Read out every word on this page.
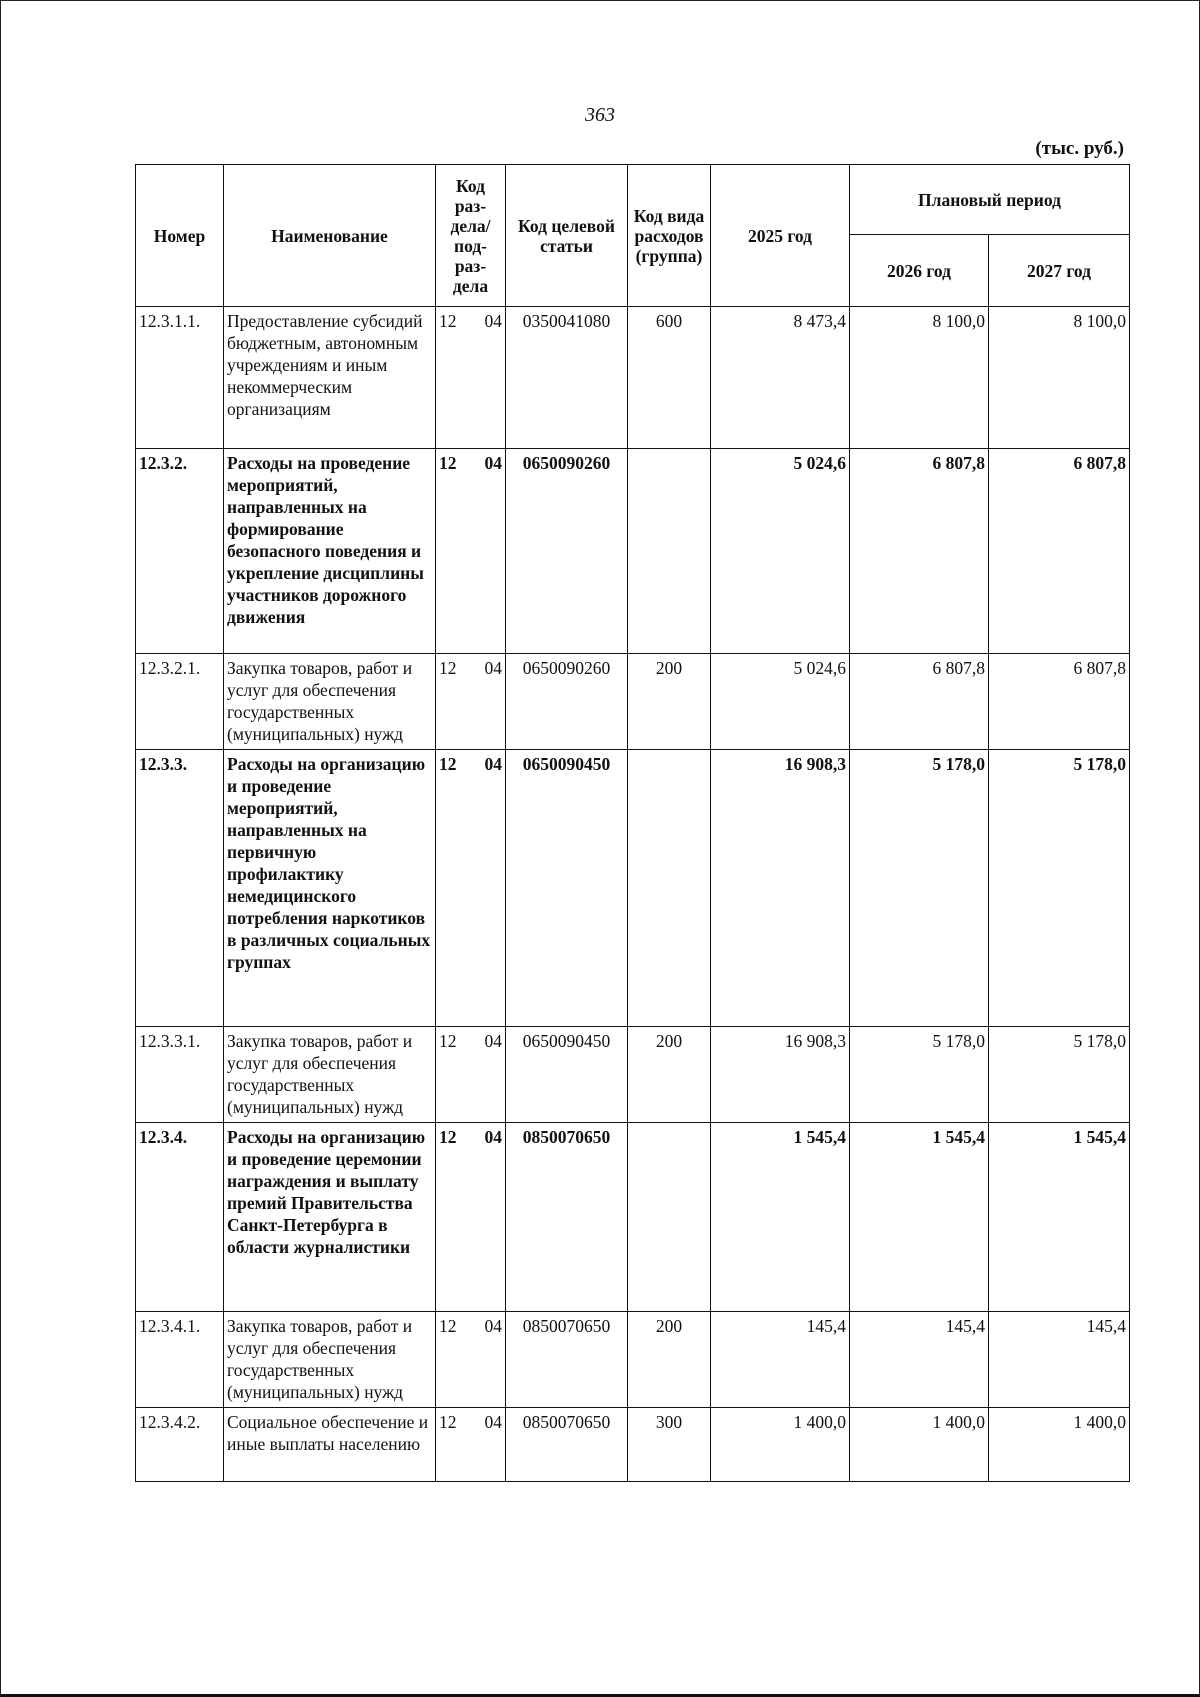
363
(тыс. руб.)
Номер	Наименование	Код раз-дела/ под-раз-дела	Код целевой статьи	Код вида расходов (группа)	2025 год	Плановый период	
						2026 год	2027 год
12.3.1.1.	Предоставление субсидий бюджетным, автономным учреждениям и иным некоммерческим организациям	12 04	0350041080	600	8 473,4	8 100,0	8 100,0
12.3.2.	Расходы на проведение мероприятий, направленных на формирование безопасного поведения и укрепление дисциплины участников дорожного движения	12 04	0650090260		5 024,6	6 807,8	6 807,8
12.3.2.1.	Закупка товаров, работ и услуг для обеспечения государственных (муниципальных) нужд	12 04	0650090260	200	5 024,6	6 807,8	6 807,8
12.3.3.	Расходы на организацию и проведение мероприятий, направленных на первичную профилактику немедицинского потребления наркотиков в различных социальных группах	12 04	0650090450		16 908,3	5 178,0	5 178,0
12.3.3.1.	Закупка товаров, работ и услуг для обеспечения государственных (муниципальных) нужд	12 04	0650090450	200	16 908,3	5 178,0	5 178,0
12.3.4.	Расходы на организацию и проведение церемонии награждения и выплату премий Правительства Санкт-Петербурга в области журналистики	12 04	0850070650		1 545,4	1 545,4	1 545,4
12.3.4.1.	Закупка товаров, работ и услуг для обеспечения государственных (муниципальных) нужд	12 04	0850070650	200	145,4	145,4	145,4
12.3.4.2.	Социальное обеспечение и иные выплаты населению	12 04	0850070650	300	1 400,0	1 400,0	1 400,0
